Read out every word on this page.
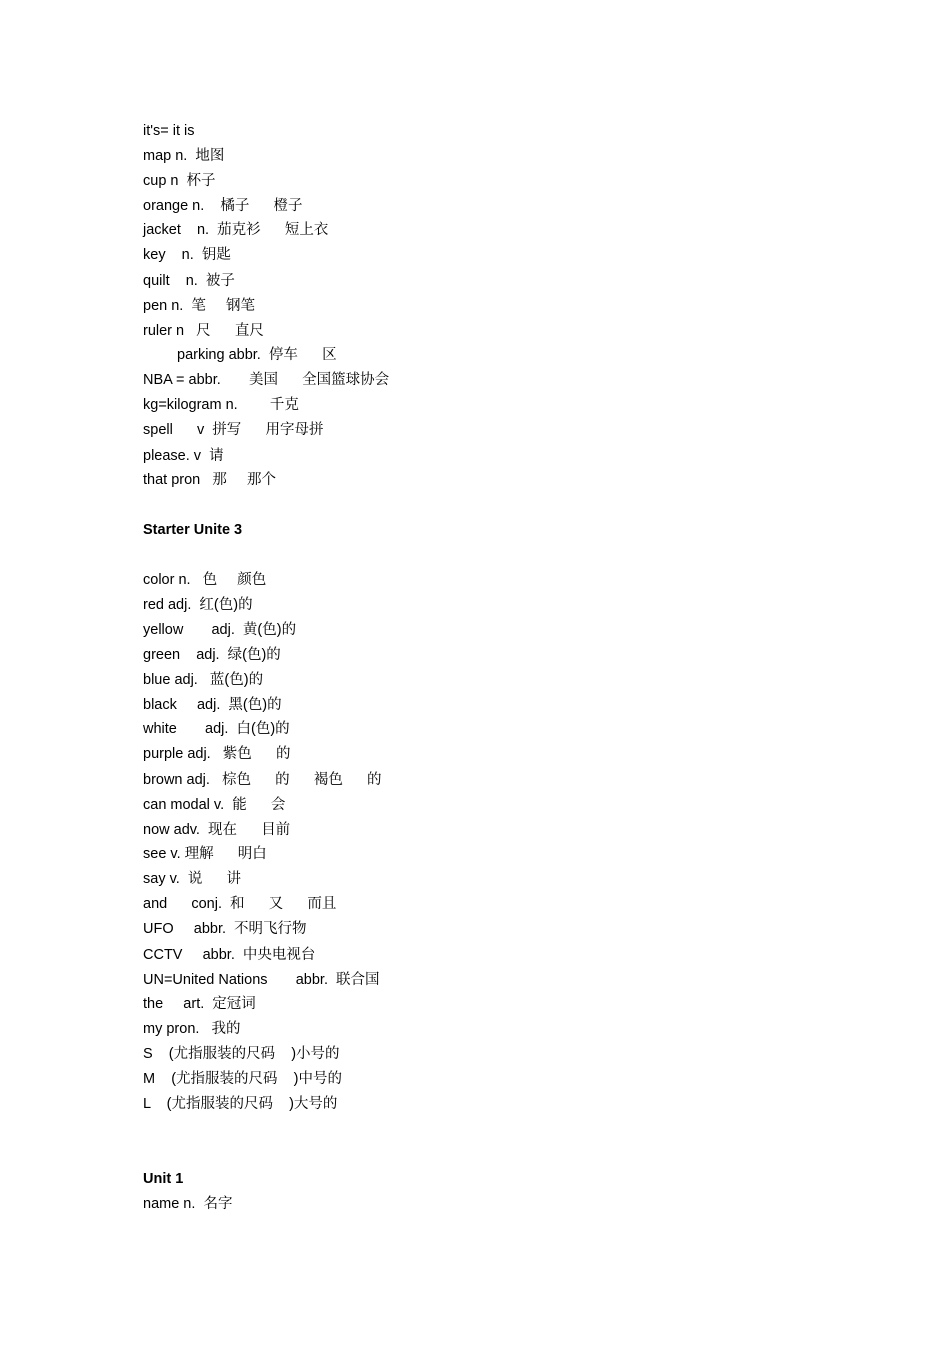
it's= it is
map n.  地图
cup n  杯子
orange n.    橘子      橙子
jacket    n.  茄克衫      短上衣
key    n.  钥匙
quilt    n.  被子
pen n.  笔     钢笔
ruler n   尺      直尺
parking abbr.  停车      区
NBA = abbr.       美国      全国篮球协会
kg=kilogram n.        千克
spell      v  拼写      用字母拼
please. v  请
that pron   那     那个
Starter Unite 3
color n.   色     颜色
red adj.  红(色)的
yellow       adj.  黄(色)的
green    adj.  绿(色)的
blue adj.   蓝(色)的
black     adj.  黑(色)的
white       adj.  白(色)的
purple adj.   紫色      的
brown adj.   棕色      的      褐色      的
can modal v.  能      会
now adv.  现在      目前
see v. 理解      明白
say v.  说      讲
and      conj.  和      又      而且
UFO     abbr.  不明飞行物
CCTV     abbr.  中央电视台
UN=United Nations       abbr.  联合国
the     art.  定冠词
my pron.   我的
S    (尤指服装的尺码    )小号的
M    (尤指服装的尺码    )中号的
L    (尤指服装的尺码    )大号的
Unit 1
name n.  名字
